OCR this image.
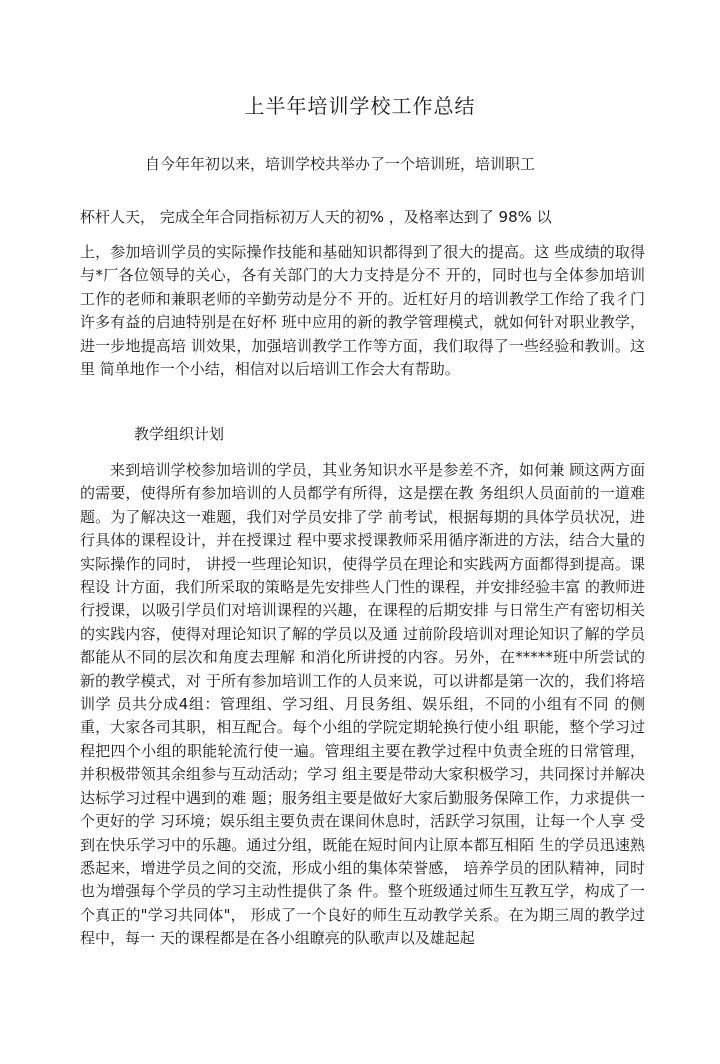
上半年培训学校工作总结
自今年年初以来，培训学校共举办了一个培训班，培训职工
杯杆人天， 完成全年合同指标初万人天的初% ，及格率达到了 98% 以
上，参加培训学员的实际操作技能和基础知识都得到了很大的提高。这 些成绩的取得与*厂各位领导的关心，各有关部门的大力支持是分不 开的，同时也与全体参加培训工作的老师和兼职老师的辛勤劳动是分不 开的。近杠好月的培训教学工作给了我彳门许多有益的启迪特别是在好杯 班中应用的新的教学管理模式，就如何针对职业教学，进一步地提高培 训效果，加强培训教学工作等方面，我们取得了一些经验和教训。这里 简单地作一个小结，相信对以后培训工作会大有帮助。
教学组织计划
来到培训学校参加培训的学员，其业务知识水平是参差不齐，如何兼 顾这两方面的需要，使得所有参加培训的人员都学有所得，这是摆在教 务组织人员面前的一道难题。为了解决这一难题，我们对学员安排了学 前考试，根据每期的具体学员状况，进行具体的课程设计，并在授课过 程中要求授课教师采用循序渐进的方法，结合大量的实际操作的同时， 讲授一些理论知识，使得学员在理论和实践两方面都得到提高。课程设 计方面，我们所采取的策略是先安排些人门性的课程，并安排经验丰富 的教师进行授课，以吸引学员们对培训课程的兴趣，在课程的后期安排 与日常生产有密切相关的实践内容，使得对理论知识了解的学员以及通 过前阶段培训对理论知识了解的学员都能从不同的层次和角度去理解 和消化所讲授的内容。另外，在*****班中所尝试的新的教学模式，对 于所有参加培训工作的人员来说，可以讲都是第一次的，我们将培训学 员共分成4组：管理组、学习组、月艮务组、娱乐组，不同的小组有不同 的侧重，大家各司其职，相互配合。每个小组的学院定期轮换行使小组 职能，整个学习过程把四个小组的职能轮流行使一遍。管理组主要在教学过程中负责全班的日常管理，并积极带领其余组参与互动活动；学习 组主要是带动大家积极学习，共同探讨并解决达标学习过程中遇到的难 题；服务组主要是做好大家后勤服务保障工作，力求提供一个更好的学 习环境；娱乐组主要负责在课间休息时，活跃学习氛围，让每一个人享 受到在快乐学习中的乐趣。通过分组，既能在短时间内让原本都互相陌 生的学员迅速熟悉起来，增进学员之间的交流，形成小组的集体荣誉感， 培养学员的团队精神，同时也为增强每个学员的学习主动性提供了条 件。整个班级通过师生互教互学，构成了一个真正的"学习共同体"， 形成了一个良好的师生互动教学关系。在为期三周的教学过程中，每一 天的课程都是在各小组瞭亮的队歌声以及雄起起
